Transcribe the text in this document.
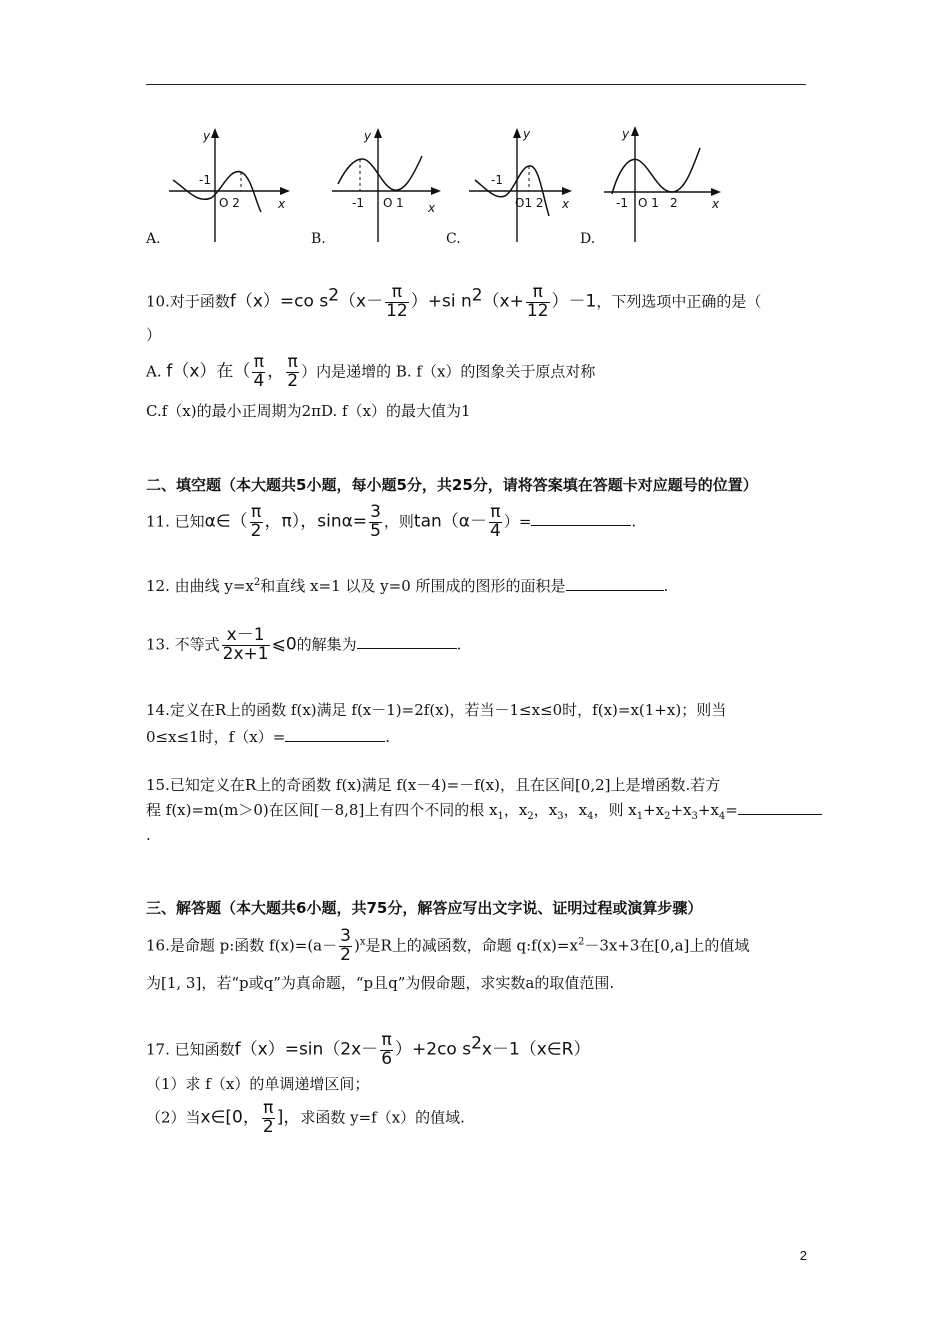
y
x
-1
O 2
A.
y
x
-1 O 1
B.
y
x
-1
O1 2
C.
y
x
-1 O 1 2
D.
10.对于函数f（x）=co $s^2(x- \frac{\pi}{12} )+si$ $n^2(x+ \frac{\pi}{12} )-1$，下列选项中正确的是（
）
A. f（x）在（ $\frac{\pi}{4}$ ， $\frac{\pi}{2}$ ）内是递增的 B. f（x）的图象关于原点对称
C.f（x)的最小正周期为2πD. f（x）的最大值为1
二、填空题（本大题共5小题，每小题5分，共25分，请将答案填在答题卡对应题号的位置）
11. 已知α∈（ $\frac{\pi}{2}$ ，π），$\sin\alpha= \frac{3}{5}$ ，则$\tan(\alpha- \frac{\pi}{4}$ ）=	.
12. 由曲线 $y=x^2$和直线 x=1 以及 y=0 所围成的图形的面积是	.
13. 不等式 $\frac{x-1}{2x+1}$ ⩽0的解集为	.
14.定义在R上的函数 f(x)满足 f(x－1)=2f(x)，若当－1≤x≤0时，f(x)=x(1+x)；则当
0≤x≤1时，f（x）=	.
15.已知定义在R上的奇函数 f(x)满足 f(x－4)=－f(x)，且在区间[0,2]上是增函数.若方
程 f(x)=m(m＞0)在区间[－8,8]上有四个不同的根 $x_1$，$x_2$，$x_3$，$x_4$，则 $x_1+x_2+x_3+x_4=$
.
三、解答题（本大题共6小题，共75分，解答应写出文字说、证明过程或演算步骤）
16.是命题 p:函数 $f(x)=(a- \frac{3}{2} )^x$是R上的减函数，命题 $q:f(x)=x^2-3x+3$在[0,a]上的值域
为[1, 3]，若“p或q”为真命题，“p且q”为假命题，求实数a的取值范围.
17. 已知函数$f(x)=\sin(2x- \frac{\pi}{6} )+2co$ $s^2x-1(x\in R)$
（1）求 f（x）的单调递增区间；
（2）当x∈[0， $\frac{\pi}{2}$ ]，求函数 y=f（x）的值域.
2
